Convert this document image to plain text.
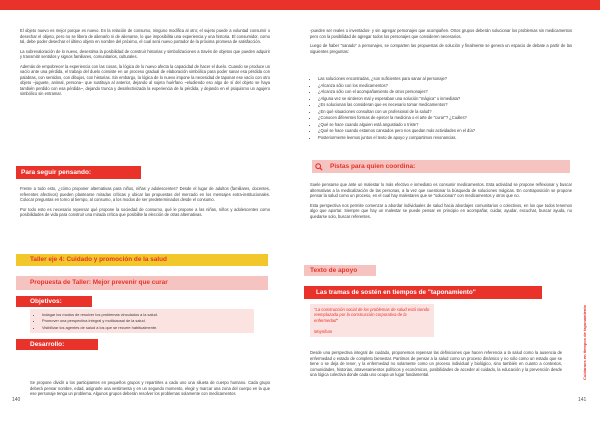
El objeto nuevo es mejor porque es nuevo. En la relación de consumo, ninguno modifica al otro; el sujeto puede a voluntad consumir o desechar el objeto, pero no se libera de alienarlo ni de alienarse, lo que imposibilita una experiencia y una historia. El consumidor, como tal, debe poder desechar el último objeto en nombre del próximo, el cual será nuevo portador de la próxima promesa de satisfacción.

La sobrevaloración de lo nuevo, desestima la posibilidad de construir historias y simbolizaciones a través de objetos que pueden adquirir y transmitir sentidos y signos familiares, comunitarios, culturales.

Además de empobrecer la experiencia con las cosas, la lógica de lo nuevo afecta la capacidad de hacer el duelo. Cuando se produce un vacío ante una pérdida, el trabajo del duelo consiste en un proceso gradual de elaboración simbólica para poder sanar esa pérdida con palabras, con sentidos, con dibujos, con historias. Sin embargo, la lógica de lo nuevo impone la necesidad de taponar ese vacío con otro objeto –juguete, animal, persona– que sustituya al anterior, dejando al sujeto huérfano ~eludiendo eso algo de sí del objeto se haya también perdido con esa pérdida~, dejando trunca y desafectivizada la experiencia de la pérdida, y dejando en el psiquismo un agujero simbólico sin entramar.

Para seguir pensando:

Frente a todo esto, ¿cómo proponer alternativas para niños, niñas y adolescentes? Desde el lugar de adultos (familiares, docentes, referentes afectivos) pueden plantearse miradas críticas y ubicar las propuestas del mercado en los mensajes extra-institucionales. Colocar preguntas en torno al tiempo, al consumo, a los modos de ser predeterminados desde el consumo.

Por todo esto es necesario repensar qué propone la sociedad de consumo, qué le propone a las niñas, niños y adolescentes como posibilidades de vida para construir una mirada crítica que posibilite la elección de otras alternativas.

Taller eje 4: Cuidado y promoción de la salud
Propuesta de Taller: Mejor prevenir que curar
Objetivos:
• Indagar los modos de resolver los problemas vinculados a la salud.
• Promover una perspectiva integral y multicausal de la salud.
• Visibilizar los agentes de salud a los que se recurre habitualmente.
Desarrollo:

Se propone dividir a los participantes en pequeños grupos y repartirles a cada uno una silueta de cuerpo humano. Cada grupo deberá pensar nombre, edad, asignarle una vestimenta y en un segundo momento, elegir y marcar una zona del cuerpo en la que ese personaje tenga un problema. Algunos grupos deberán resolver los problemas solamente con medicamentos

140

-pueden ser reales o inventados- y sin agregar personajes que acompañen. Otros grupos deberán solucionar los problemas sin medicamentos pero con la posibilidad de agregar todos los personajes que consideren necesarios.

Luego de haber "sanado" a personajes, se comparten las propuestas de solución y finalmente se genera un espacio de debate a partir de las siguientes preguntas:

• Las soluciones encontradas, ¿son suficientes para sanar al personaje?
• ¿Alcanza sólo con los medicamentos?
• ¿Alcanza sólo con el acompañamiento de otros personajes?
• ¿Alguna vez se sintieron mal y esperaban una solución "mágica" o inmediata?
• ¿Es solucionan las consideran que es necesario tomar medicamentos?
• ¿En qué situaciones consultan con un profesional de la salud?
• ¿Conocen diferentes formas de ejercer la medicina o el arte de "curar"? ¿Cuáles?
• ¿Qué se hace cuando alguien está angustiado o triste?
• ¿Qué se hace cuando estamos cansados pero nos quedan más actividades en el día?
• Posteriormente leemos juntos el texto de apoyo y compartimos resonancias.
Pistas para quien coordina:

Suele pensarse que ante un malestar lo más efectivo e inmediato es consumir medicamentos. Esta actividad se propone reflexionar y buscar alternativas a la medicalización de las personas, a la vez que cuestionar la búsqueda de soluciones mágicas. En contraposición se propone pensar la salud como un proceso, en el cual hay malestares que se "solucionan" con medicamentos y otros que no.

Esta perspectiva nos permite comenzar a abordar individuales de salud hacia abordajes comunitarios o colectivos, en los que todos tenemos algo que aportar. Siempre que hay un malestar se puede pensar en principio en acompañar, cuidar, ayudar, escuchar, buscar ayuda, no quedarse solo, buscar referentes.

Texto de apoyo
Las tramas de sostén en tiempos de "taponamiento"
"La construcción social de los problemas de salud está siendo reemplazada por la construcción corporativa de la enfermedad"
Moynihan

Desde una perspectiva integral de cuidado, proponemos repensar las definiciones que hacen referencia a la salud como la ausencia de enfermedad o estado de completo bienestar. Partimos de pensar a la salud como un proceso dinámico y no sólo como un estado que se tiene o se deja de tener, y la enfermedad no solamente como un proceso individual y biológico, sino también en cuanto a contextos, comunidades, historias, atravesamientos políticos y económicos, posibilidades de acceder al cuidado, la educación y la prevención desde una lógica colectiva donde cada uno ocupa un lugar fundamental.	Cuidarnos en tiempos de taponamiento
141
